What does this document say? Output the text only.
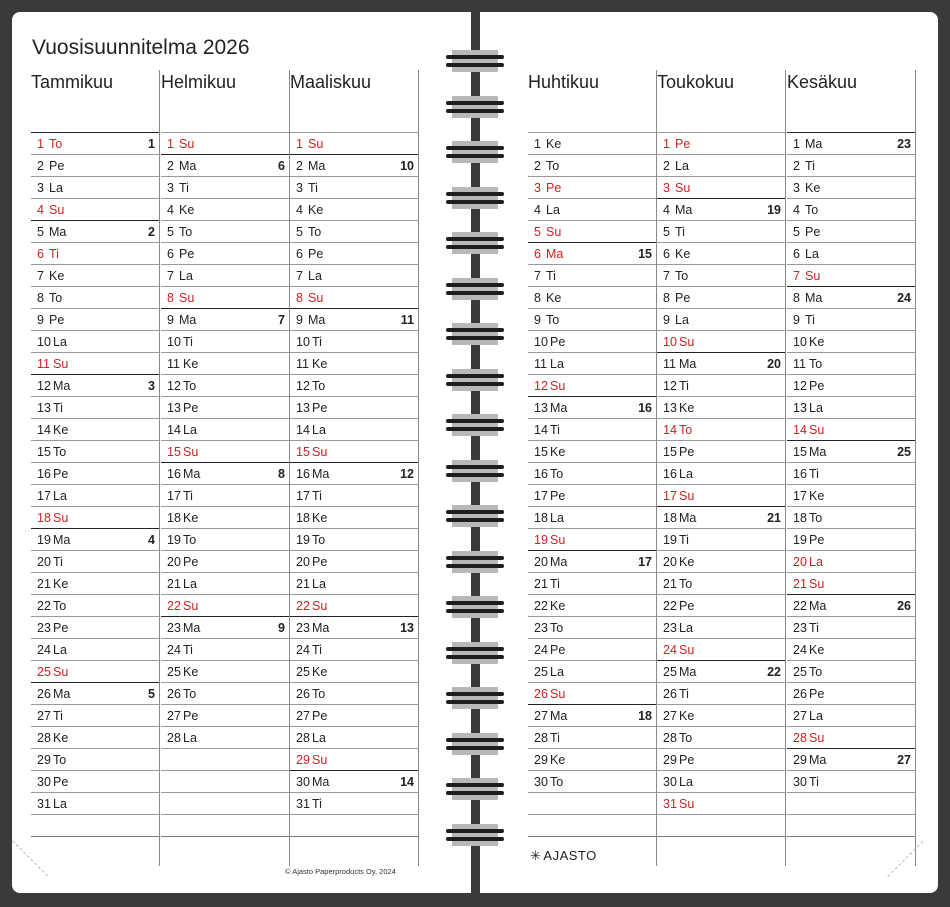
Vuosisuunnitelma 2026
Tammikuu
1 To	1
2 Pe
3 La
4 Su
5 Ma	2
6 Ti
7 Ke
8 To
9 Pe
10 La
11 Su
12 Ma	3
13 Ti
14 Ke
15 To
16 Pe
17 La
18 Su
19 Ma	4
20 Ti
21 Ke
22 To
23 Pe
24 La
25 Su
26 Ma	5
27 Ti
28 Ke
29 To
30 Pe
31 La
Helmikuu
1 Su
2 Ma	6
3 Ti
4 Ke
5 To
6 Pe
7 La
8 Su
9 Ma	7
10 Ti
11 Ke
12 To
13 Pe
14 La
15 Su
16 Ma	8
17 Ti
18 Ke
19 To
20 Pe
21 La
22 Su
23 Ma	9
24 Ti
25 Ke
26 To
27 Pe
28 La
Maaliskuu
1 Su
2 Ma	10
3 Ti
4 Ke
5 To
6 Pe
7 La
8 Su
9 Ma	11
10 Ti
11 Ke
12 To
13 Pe
14 La
15 Su
16 Ma	12
17 Ti
18 Ke
19 To
20 Pe
21 La
22 Su
23 Ma	13
24 Ti
25 Ke
26 To
27 Pe
28 La
29 Su
30 Ma	14
31 Ti
Huhtikuu
1 Ke
2 To
3 Pe
4 La
5 Su
6 Ma	15
7 Ti
8 Ke
9 To
10 Pe
11 La
12 Su
13 Ma	16
14 Ti
15 Ke
16 To
17 Pe
18 La
19 Su
20 Ma	17
21 Ti
22 Ke
23 To
24 Pe
25 La
26 Su
27 Ma	18
28 Ti
29 Ke
30 To
Toukokuu
1 Pe
2 La
3 Su
4 Ma	19
5 Ti
6 Ke
7 To
8 Pe
9 La
10 Su
11 Ma	20
12 Ti
13 Ke
14 To
15 Pe
16 La
17 Su
18 Ma	21
19 Ti
20 Ke
21 To
22 Pe
23 La
24 Su
25 Ma	22
26 Ti
27 Ke
28 To
29 Pe
30 La
31 Su
Kesäkuu
1 Ma	23
2 Ti
3 Ke
4 To
5 Pe
6 La
7 Su
8 Ma	24
9 Ti
10 Ke
11 To
12 Pe
13 La
14 Su
15 Ma	25
16 Ti
17 Ke
18 To
19 Pe
20 La
21 Su
22 Ma	26
23 Ti
24 Ke
25 To
26 Pe
27 La
28 Su
29 Ma	27
30 Ti
© Ajasto Paperproducts Oy, 2024
✳ AJASTO
